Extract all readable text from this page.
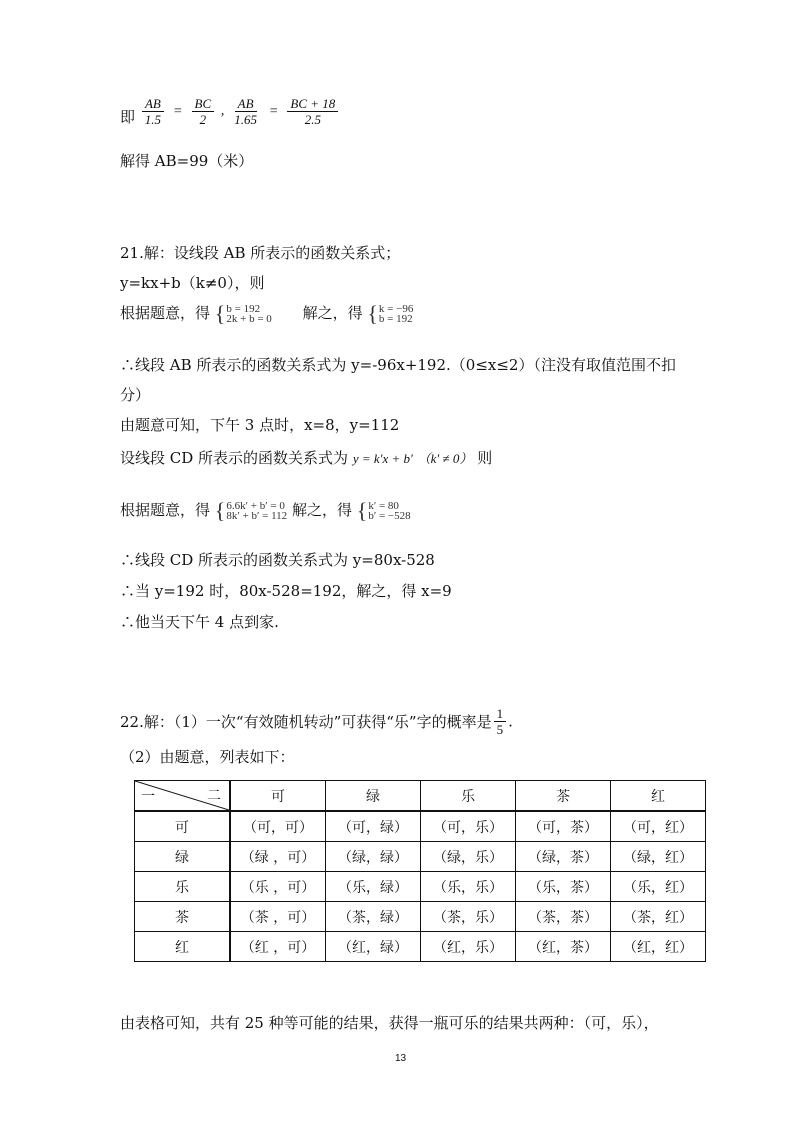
即 $\frac{AB}{1.5} = \frac{BC}{2}$ , $\frac{AB}{1.65} = \frac{BC + 18}{2.5}$
解得 AB=99（米）
21.解：设线段 AB 所表示的函数关系式；
y=kx+b（k≠0），则
根据题意，得 {b = 192
2k + b = 0 解之，得 {k = −96
b = 192
∴线段 AB 所表示的函数关系式为 y=-96x+192.（0≤x≤2）（注没有取值范围不扣
分）
由题意可知，下午 3 点时，x=8，y=112
设线段 CD 所表示的函数关系式为 y = k′x + b′ （k′ ≠ 0） 则
根据题意，得 {6.6k′ + b′ = 0
8k′ + b′ = 112 解之，得 {k′ = 80
b′ = −528
∴线段 CD 所表示的函数关系式为 y=80x-528
∴当 y=192 时，80x-528=192，解之，得 x=9
∴他当天下午 4 点到家.
22.解：（1）一次“有效随机转动”可获得“乐”字的概率是 $\frac{1}{5}$ .
（2）由题意，列表如下：
一 二	可	绿	乐	茶	红
可	（可，可）	（可，绿）	（可，乐）	（可，茶）	（可，红）
绿	（绿 ，可）	（绿，绿）	（绿，乐）	（绿，茶）	（绿，红）
乐	（乐 ，可）	（乐，绿）	（乐，乐）	（乐，茶）	（乐，红）
茶	（茶 ，可）	（茶，绿）	（茶，乐）	（茶，茶）	（茶，红）
红	（红 ，可）	（红，绿）	（红，乐）	（红，茶）	（红，红）
由表格可知，共有 25 种等可能的结果，获得一瓶可乐的结果共两种：（可，乐），
13
